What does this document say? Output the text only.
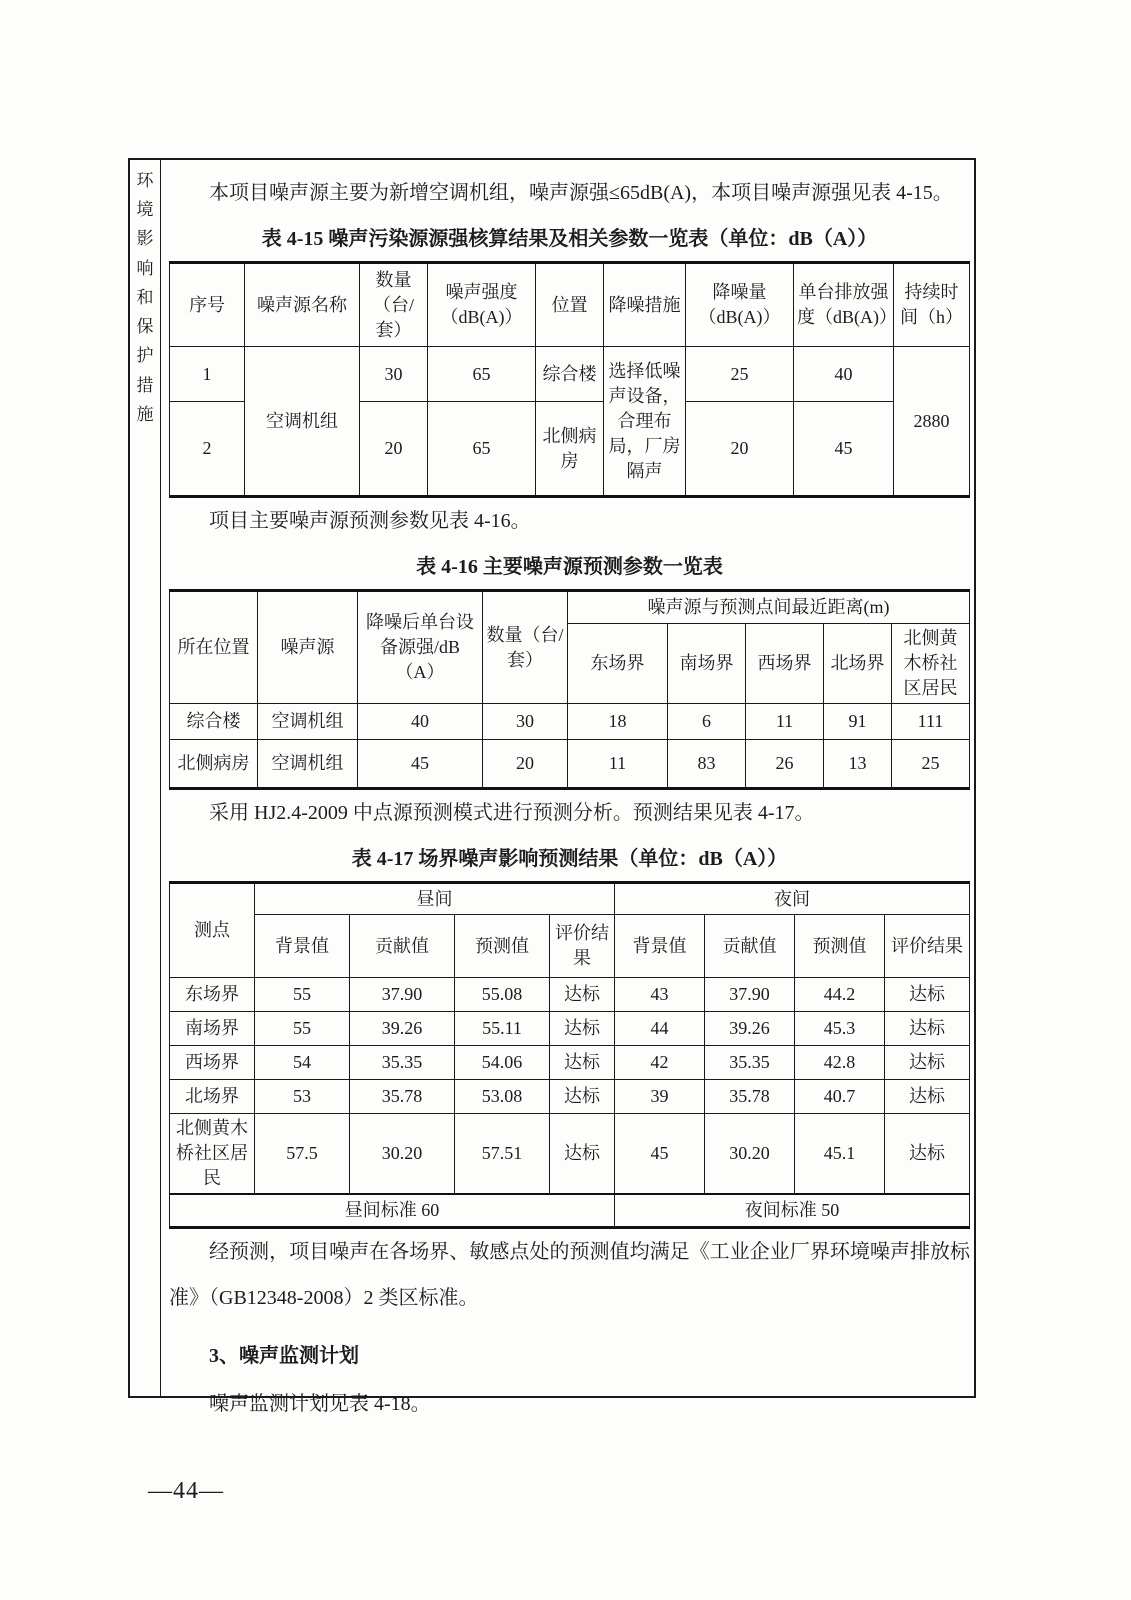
环境影响和保护措施

本项目噪声源主要为新增空调机组，噪声源强≤65dB(A)，本项目噪声源强见表 4-15。

表 4-15 噪声污染源源强核算结果及相关参数一览表（单位：dB（A））
序号	噪声源名称	数量（台/套）	噪声强度（dB(A)）	位置	降噪措施	降噪量（dB(A)）	单台排放强度（dB(A)）	持续时间（h）
1	空调机组	30	65	综合楼	选择低噪声设备，合理布局，厂房隔声	25	40	2880
2		20	65	北侧病房		20	45	

项目主要噪声源预测参数见表 4-16。

表 4-16 主要噪声源预测参数一览表
所在位置	噪声源	降噪后单台设备源强/dB（A）	数量（台/套）	噪声源与预测点间最近距离(m)				
				东场界	南场界	西场界	北场界	北侧黄木桥社区居民
综合楼	空调机组	40	30	18	6	11	91	111
北侧病房	空调机组	45	20	11	83	26	13	25

采用 HJ2.4-2009 中点源预测模式进行预测分析。预测结果见表 4-17。

表 4-17 场界噪声影响预测结果（单位：dB（A））
测点	昼间				夜间			
	背景值	贡献值	预测值	评价结果	背景值	贡献值	预测值	评价结果
东场界	55	37.90	55.08	达标	43	37.90	44.2	达标
南场界	55	39.26	55.11	达标	44	39.26	45.3	达标
西场界	54	35.35	54.06	达标	42	35.35	42.8	达标
北场界	53	35.78	53.08	达标	39	35.78	40.7	达标
北侧黄木桥社区居民	57.5	30.20	57.51	达标	45	30.20	45.1	达标
昼间标准 60					夜间标准 50			

经预测，项目噪声在各场界、敏感点处的预测值均满足《工业企业厂界环境噪声排放标准》（GB12348-2008）2 类区标准。

3、噪声监测计划

噪声监测计划见表 4-18。

—44—
